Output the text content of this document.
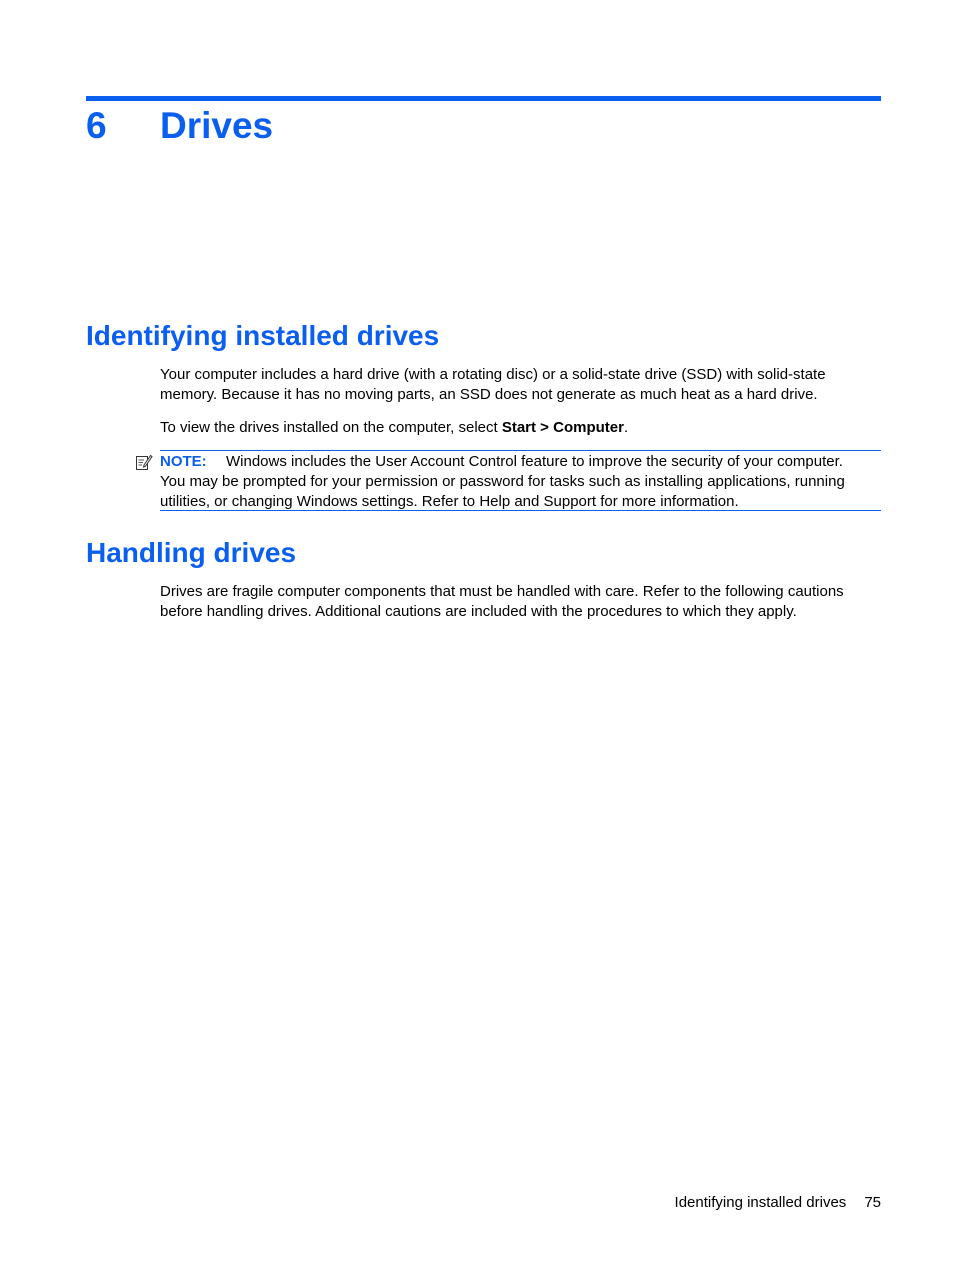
6 Drives
Identifying installed drives

Your computer includes a hard drive (with a rotating disc) or a solid-state drive (SSD) with solid-state
memory. Because it has no moving parts, an SSD does not generate as much heat as a hard drive.

To view the drives installed on the computer, select Start > Computer.

NOTE: Windows includes the User Account Control feature to improve the security of your computer.
You may be prompted for your permission or password for tasks such as installing applications, running
utilities, or changing Windows settings. Refer to Help and Support for more information.
Handling drives

Drives are fragile computer components that must be handled with care. Refer to the following cautions
before handling drives. Additional cautions are included with the procedures to which they apply.

Identifying installed drives 75
